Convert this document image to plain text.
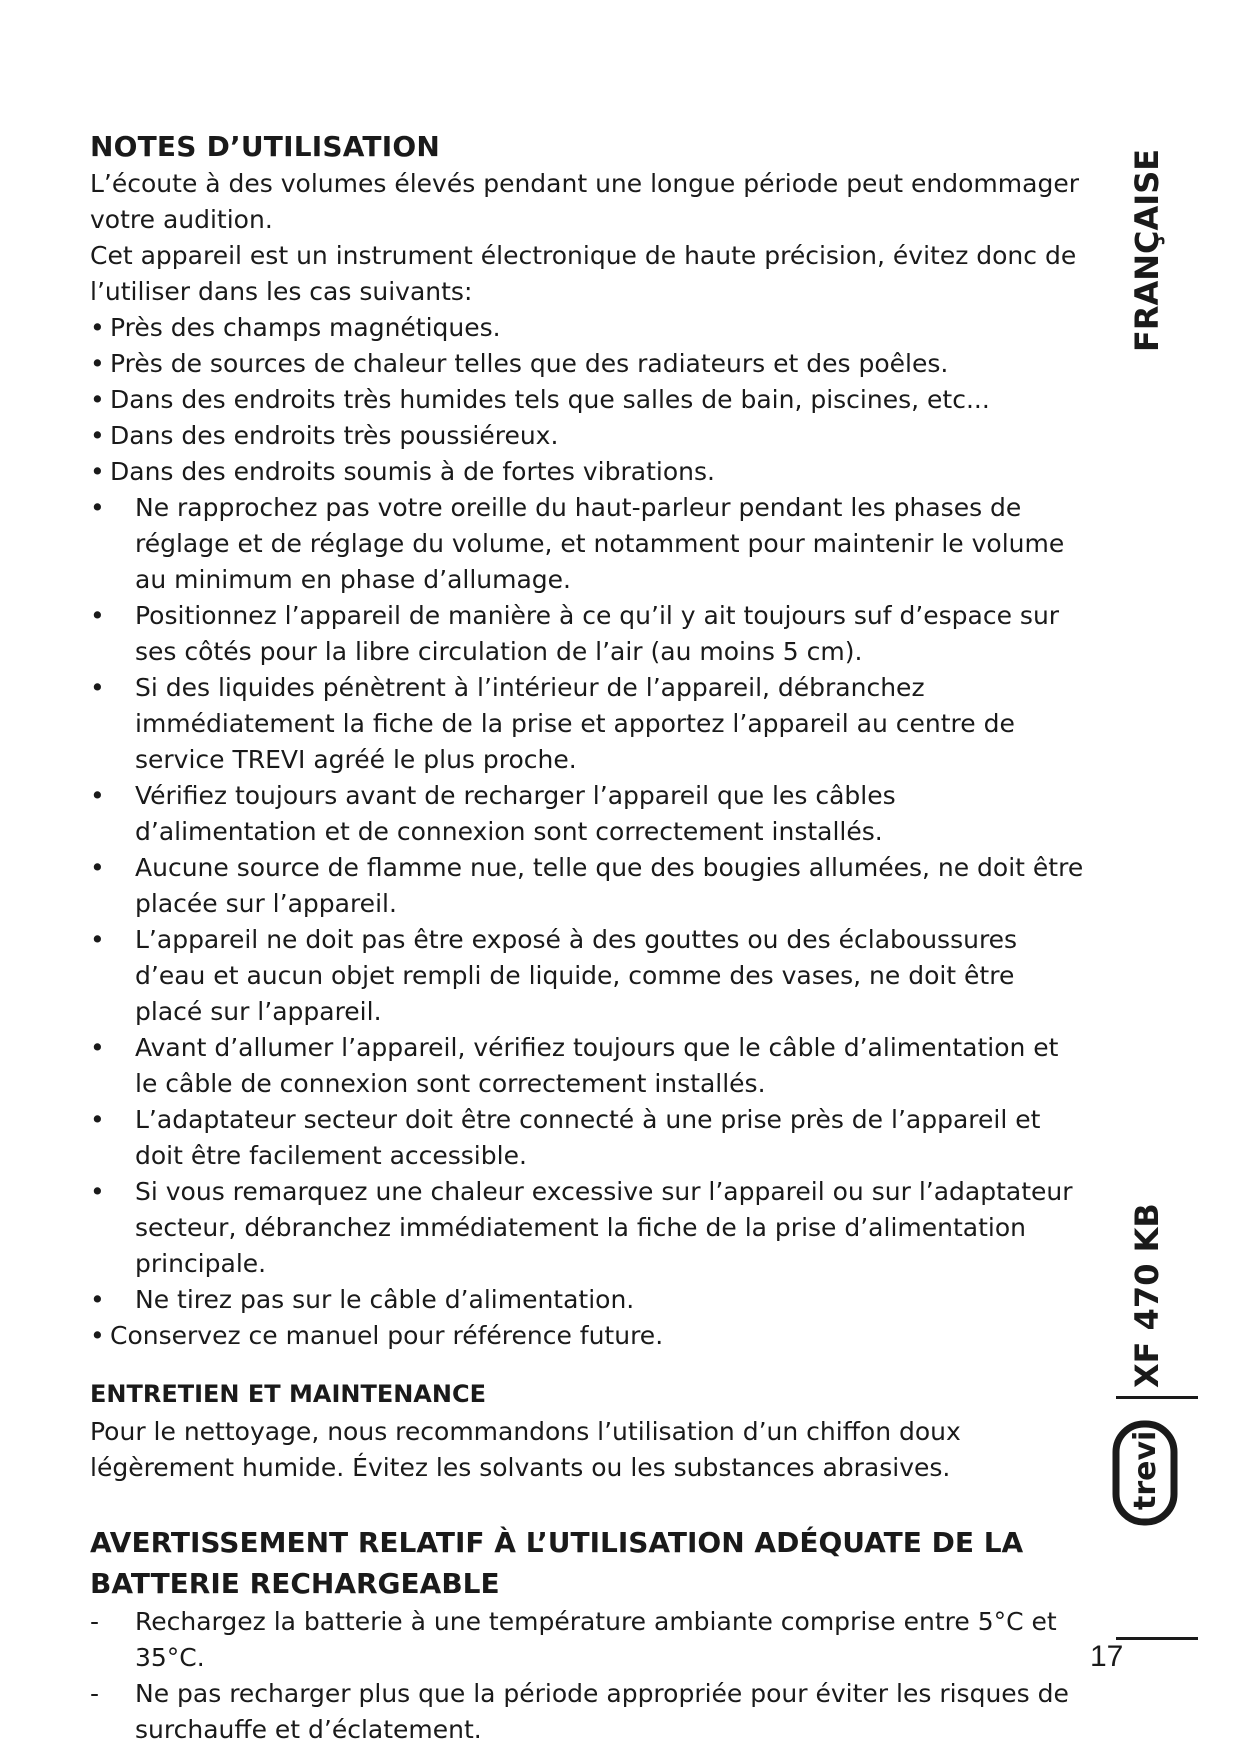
NOTES D’UTILISATION

L’écoute à des volumes élevés pendant une longue période peut endommager votre audition.

Cet appareil est un instrument électronique de haute précision, évitez donc de l’utiliser dans les cas suivants:

• Près des champs magnétiques.
• Près de sources de chaleur telles que des radiateurs et des poêles.
• Dans des endroits très humides tels que salles de bain, piscines, etc...
• Dans des endroits très poussiéreux.
• Dans des endroits soumis à de fortes vibrations.
• Ne rapprochez pas votre oreille du haut-parleur pendant les phases de réglage et de réglage du volume, et notamment pour maintenir le volume au minimum en phase d’allumage.
• Positionnez l’appareil de manière à ce qu’il y ait toujours suf d’espace sur ses côtés pour la libre circulation de l’air (au moins 5 cm).
• Si des liquides pénètrent à l’intérieur de l’appareil, débranchez immédiatement la fiche de la prise et apportez l’appareil au centre de service TREVI agréé le plus proche.
• Vérifiez toujours avant de recharger l’appareil que les câbles d’alimentation et de connexion sont correctement installés.
• Aucune source de flamme nue, telle que des bougies allumées, ne doit être placée sur l’appareil.
• L’appareil ne doit pas être exposé à des gouttes ou des éclaboussures d’eau et aucun objet rempli de liquide, comme des vases, ne doit être placé sur l’appareil.
• Avant d’allumer l’appareil, vérifiez toujours que le câble d’alimentation et le câble de connexion sont correctement installés.
• L’adaptateur secteur doit être connecté à une prise près de l’appareil et doit être facilement accessible.
• Si vous remarquez une chaleur excessive sur l’appareil ou sur l’adaptateur secteur, débranchez immédiatement la fiche de la prise d’alimentation principale.
• Ne tirez pas sur le câble d’alimentation.
• Conservez ce manuel pour référence future.
ENTRETIEN ET MAINTENANCE

Pour le nettoyage, nous recommandons l’utilisation d’un chiffon doux légèrement humide. Évitez les solvants ou les substances abrasives.

AVERTISSEMENT RELATIF À L’UTILISATION ADÉQUATE DE LA BATTERIE RECHARGEABLE
- Rechargez la batterie à une température ambiante comprise entre 5°C et 35°C.
- Ne pas recharger plus que la période appropriée pour éviter les risques de surchauffe et d’éclatement.
FRANÇAISE
XF 470 KB
trevi
17
